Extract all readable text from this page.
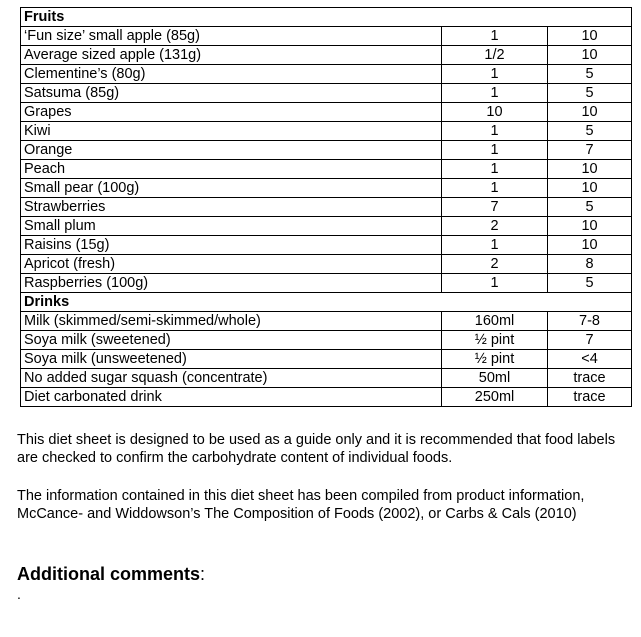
Fruits		
‘Fun size’ small apple (85g)	1	10
Average sized apple (131g)	1/2	10
Clementine’s (80g)	1	5
Satsuma (85g)	1	5
Grapes	10	10
Kiwi	1	5
Orange	1	7
Peach	1	10
Small pear (100g)	1	10
Strawberries	7	5
Small plum	2	10
Raisins (15g)	1	10
Apricot (fresh)	2	8
Raspberries (100g)	1	5
Drinks		
Milk (skimmed/semi-skimmed/whole)	160ml	7-8
Soya milk (sweetened)	½ pint	7
Soya milk (unsweetened)	½ pint	<4
No added sugar squash (concentrate)	50ml	trace
Diet carbonated drink	250ml	trace

This diet sheet is designed to be used as a guide only and it is recommended that food labels are checked to confirm the carbohydrate content of individual foods.

The information contained in this diet sheet has been compiled from product information, McCance- and Widdowson’s The Composition of Foods (2002), or Carbs & Cals (2010)

Additional comments:
.
